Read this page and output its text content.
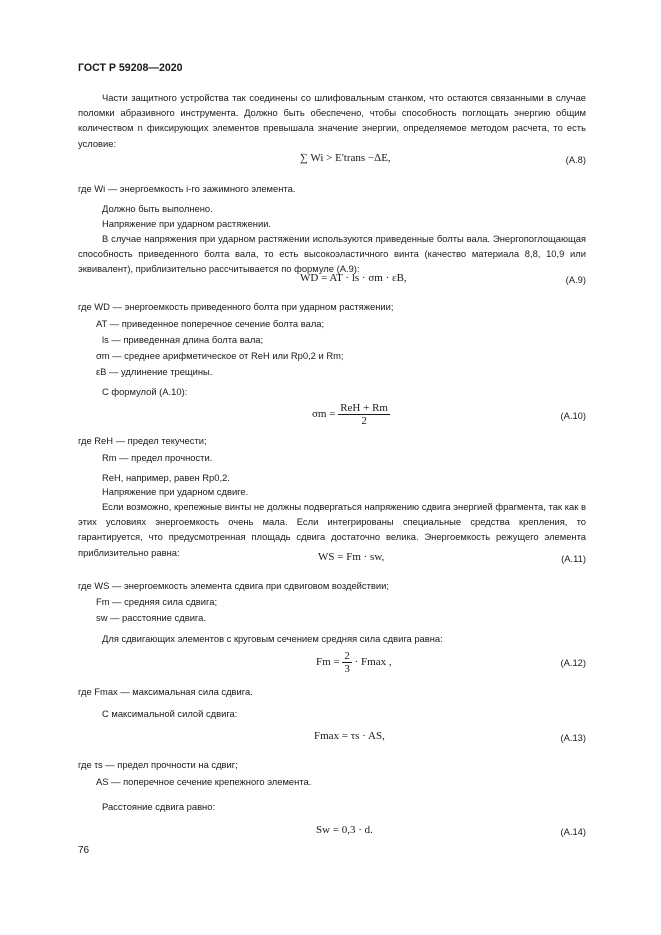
ГОСТ Р 59208—2020
Части защитного устройства так соединены со шлифовальным станком, что остаются связанными в случае поломки абразивного инструмента. Должно быть обеспечено, чтобы способность поглощать энергию общим количеством n фиксирующих элементов превышала значение энергии, определяемое методом расчета, то есть условие:
∑ Wi > E'trans −ΔE,	(A.8)
где Wi — энергоемкость i-го зажимного элемента.
Должно быть выполнено.
Напряжение при ударном растяжении.
В случае напряжения при ударном растяжении используются приведенные болты вала. Энергопоглощающая способность приведенного болта вала, то есть высокоэластичного винта (качество материала 8,8, 10,9 или эквивалент), приблизительно рассчитывается по формуле (А.9):
WD = AT · ls · σm · εB,	(A.9)
где WD — энергоемкость приведенного болта при ударном растяжении;
AT — приведенное поперечное сечение болта вала;
ls — приведенная длина болта вала;
σm — среднее арифметическое от ReH или Rp0,2 и Rm;
εB — удлинение трещины.
С формулой (А.10):
$\sigma m = \frac{\text{ReH + Rm}}{2}$	(A.10)
где ReH — предел текучести;
Rm — предел прочности.
ReH, например, равен Rp0,2.
Напряжение при ударном сдвиге.
Если возможно, крепежные винты не должны подвергаться напряжению сдвига энергией фрагмента, так как в этих условиях энергоемкость очень мала. Если интегрированы специальные средства крепления, то гарантируется, что предусмотренная площадь сдвига достаточно велика. Энергоемкость режущего элемента приблизительно равна:	WS = Fm · sw,	(A.11)
где WS — энергоемкость элемента сдвига при сдвиговом воздействии;
Fm — средняя сила сдвига;
sw — расстояние сдвига.
Для сдвигающих элементов с круговым сечением средняя сила сдвига равна:
$Fm = \frac{2}{3} \cdot Fmax$ ,	(A.12)
где Fmax — максимальная сила сдвига.
С максимальной силой сдвига:
Fmax = τs · AS,	(A.13)
где τs — предел прочности на сдвиг;
AS — поперечное сечение крепежного элемента.
Расстояние сдвига равно:
Sw = 0,3 · d.	(A.14)
76
